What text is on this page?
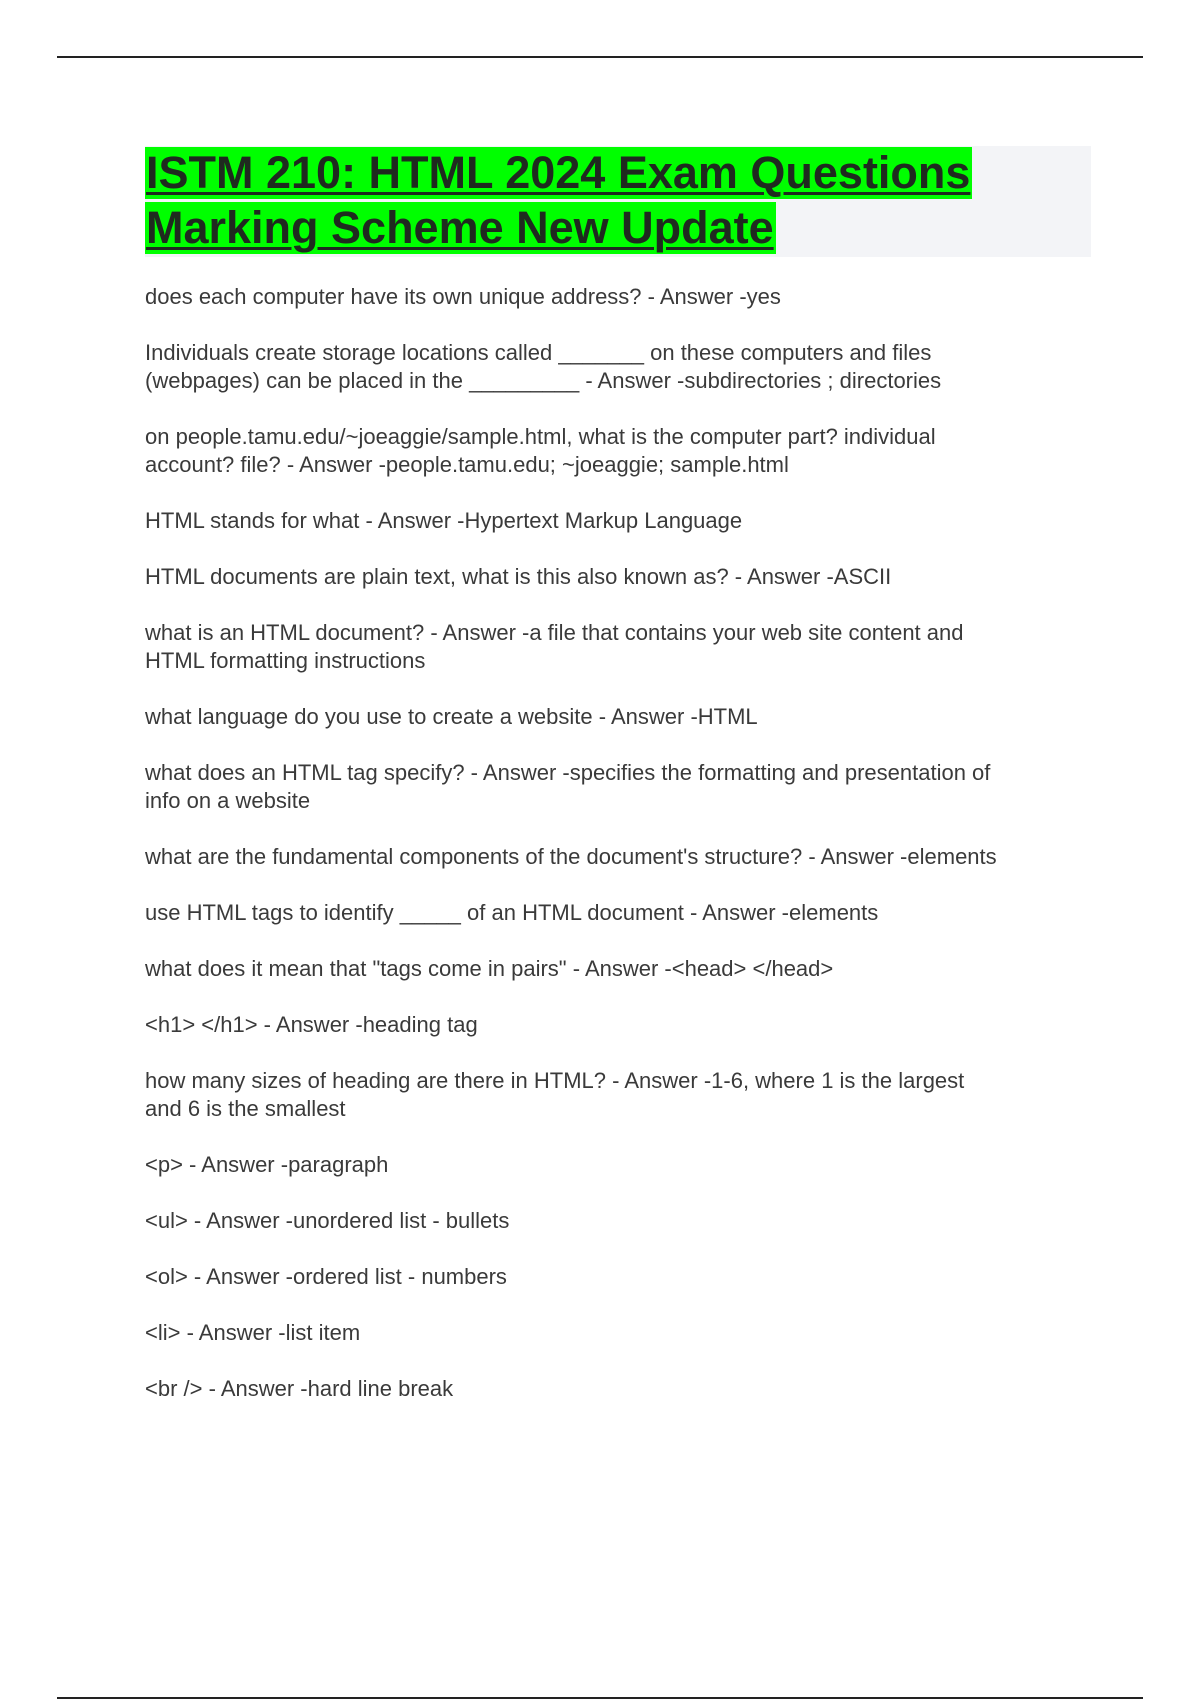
ISTM 210: HTML 2024 Exam Questions
Marking Scheme New Update
does each computer have its own unique address? - Answer -yes
Individuals create storage locations called _______ on these computers and files
(webpages) can be placed in the _________ - Answer -subdirectories ; directories
on people.tamu.edu/~joeaggie/sample.html, what is the computer part? individual
account? file? - Answer -people.tamu.edu; ~joeaggie; sample.html
HTML stands for what - Answer -Hypertext Markup Language
HTML documents are plain text, what is this also known as? - Answer -ASCII
what is an HTML document? - Answer -a file that contains your web site content and
HTML formatting instructions
what language do you use to create a website - Answer -HTML
what does an HTML tag specify? - Answer -specifies the formatting and presentation of
info on a website
what are the fundamental components of the document's structure? - Answer -elements
use HTML tags to identify _____ of an HTML document - Answer -elements
what does it mean that "tags come in pairs" - Answer -<head> </head>
<h1> </h1> - Answer -heading tag
how many sizes of heading are there in HTML? - Answer -1-6, where 1 is the largest
and 6 is the smallest
<p> - Answer -paragraph
<ul> - Answer -unordered list - bullets
<ol> - Answer -ordered list - numbers
<li> - Answer -list item
<br /> - Answer -hard line break
